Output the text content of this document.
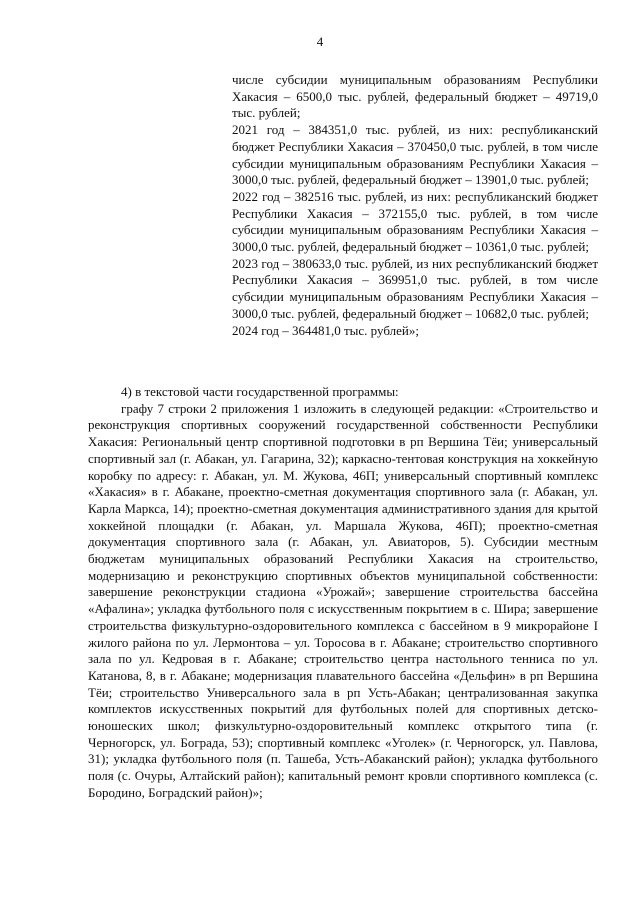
4

числе субсидии муниципальным образованиям Республики Хакасия – 6500,0 тыс. рублей, федеральный бюджет – 49719,0 тыс. рублей;

2021 год – 384351,0 тыс. рублей, из них: республиканский бюджет Республики Хакасия – 370450,0 тыс. рублей, в том числе субсидии муниципальным образованиям Республики Хакасия – 3000,0 тыс. рублей, федеральный бюджет – 13901,0 тыс. рублей;

2022 год – 382516 тыс. рублей, из них: республиканский бюджет Республики Хакасия – 372155,0 тыс. рублей, в том числе субсидии муниципальным образованиям Республики Хакасия – 3000,0 тыс. рублей, федеральный бюджет – 10361,0 тыс. рублей;

2023 год – 380633,0 тыс. рублей, из них республиканский бюджет Республики Хакасия – 369951,0 тыс. рублей, в том числе субсидии муниципальным образованиям Республики Хакасия – 3000,0 тыс. рублей, федеральный бюджет – 10682,0 тыс. рублей;

2024 год – 364481,0 тыс. рублей»;

4) в текстовой части государственной программы:

графу 7 строки 2 приложения 1 изложить в следующей редакции: «Строительство и реконструкция спортивных сооружений государственной собственности Республики Хакасия: Региональный центр спортивной подготовки в рп Вершина Тёи; универсальный спортивный зал (г. Абакан, ул. Гагарина, 32); каркасно-тентовая конструкция на хоккейную коробку по адресу: г. Абакан, ул. М. Жукова, 46П; универсальный спортивный комплекс «Хакасия» в г. Абакане, проектно-сметная документация спортивного зала (г. Абакан, ул. Карла Маркса, 14); проектно-сметная документация административного здания для крытой хоккейной площадки (г. Абакан, ул. Маршала Жукова, 46П); проектно-сметная документация спортивного зала (г. Абакан, ул. Авиаторов, 5). Субсидии местным бюджетам муниципальных образований Республики Хакасия на строительство, модернизацию и реконструкцию спортивных объектов муниципальной собственности: завершение реконструкции стадиона «Урожай»; завершение строительства бассейна «Афалина»; укладка футбольного поля с искусственным покрытием в с. Шира; завершение строительства физкультурно-оздоровительного комплекса с бассейном в 9 микрорайоне I жилого района по ул. Лермонтова – ул. Торосова в г. Абакане; строительство спортивного зала по ул. Кедровая в г. Абакане; строительство центра настольного тенниса по ул. Катанова, 8, в г. Абакане; модернизация плавательного бассейна «Дельфин» в рп Вершина Тёи; строительство Универсального зала в рп Усть-Абакан; централизованная закупка комплектов искусственных покрытий для футбольных полей для спортивных детско-юношеских школ; физкультурно-оздоровительный комплекс открытого типа (г. Черногорск, ул. Бограда, 53); спортивный комплекс «Уголек» (г. Черногорск, ул. Павлова, 31); укладка футбольного поля (п. Ташеба, Усть-Абаканский район); укладка футбольного поля (с. Очуры, Алтайский район); капитальный ремонт кровли спортивного комплекса (с. Бородино, Боградский район)»;
